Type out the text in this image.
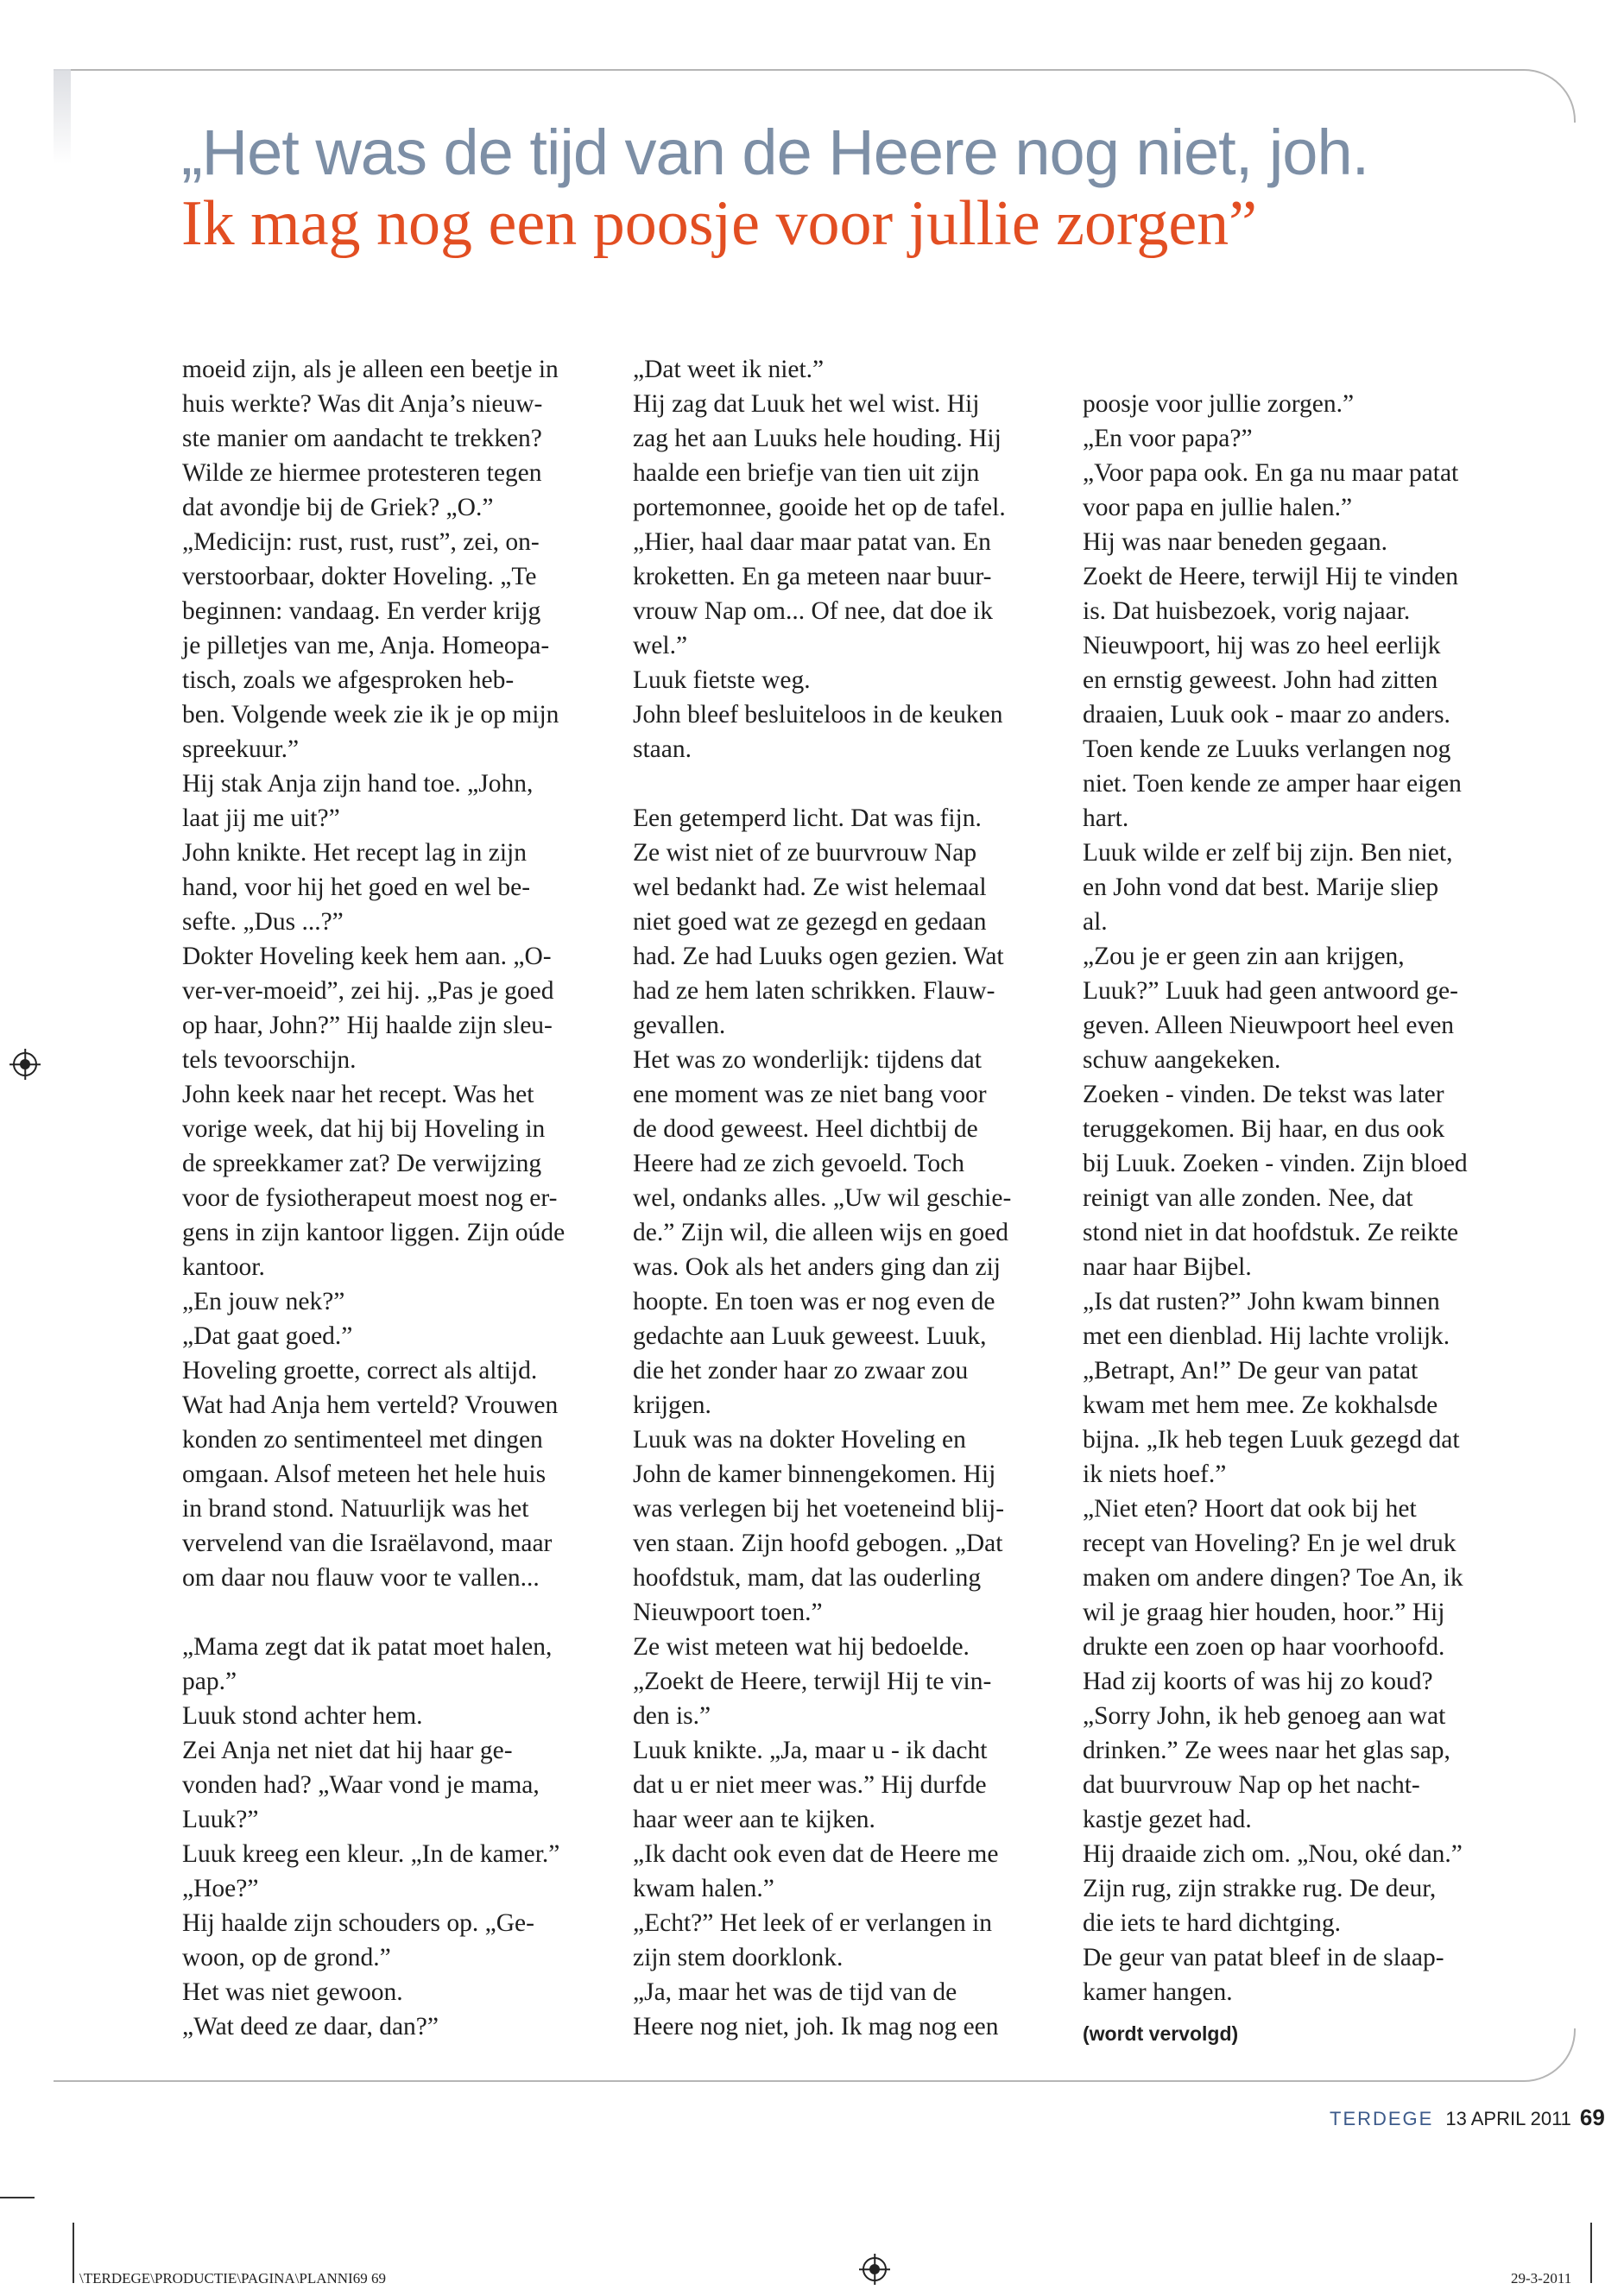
„Het was de tijd van de Heere nog niet, joh.
Ik mag nog een poosje voor jullie zorgen”

moeid zijn, als je alleen een beetje in

huis werkte? Was dit Anja’s nieuw-

ste manier om aandacht te trekken?

Wilde ze hiermee protesteren tegen

dat avondje bij de Griek? „O.”

„Medicijn: rust, rust, rust”, zei, on-

verstoorbaar, dokter Hoveling. „Te

beginnen: vandaag. En verder krijg

je pilletjes van me, Anja. Homeopa-

tisch, zoals we afgesproken heb-

ben. Volgende week zie ik je op mijn

spreekuur.”

Hij stak Anja zijn hand toe. „John,

laat jij me uit?”

John knikte. Het recept lag in zijn

hand, voor hij het goed en wel be-

sefte. „Dus ...?”

Dokter Hoveling keek hem aan. „O-

ver-ver-moeid”, zei hij. „Pas je goed

op haar, John?” Hij haalde zijn sleu-

tels tevoorschijn.

John keek naar het recept. Was het

vorige week, dat hij bij Hoveling in

de spreekkamer zat? De verwijzing

voor de fysiotherapeut moest nog er-

gens in zijn kantoor liggen. Zijn oúde

kantoor.

„En jouw nek?”

„Dat gaat goed.”

Hoveling groette, correct als altijd.

Wat had Anja hem verteld? Vrouwen

konden zo sentimenteel met dingen

omgaan. Alsof meteen het hele huis

in brand stond. Natuurlijk was het

vervelend van die Israëlavond, maar

om daar nou flauw voor te vallen...

„Mama zegt dat ik patat moet halen,

pap.”

Luuk stond achter hem.

Zei Anja net niet dat hij haar ge-

vonden had? „Waar vond je mama,

Luuk?”

Luuk kreeg een kleur. „In de kamer.”

„Hoe?”

Hij haalde zijn schouders op. „Ge-

woon, op de grond.”

Het was niet gewoon.

„Wat deed ze daar, dan?”

„Dat weet ik niet.”

Hij zag dat Luuk het wel wist. Hij

zag het aan Luuks hele houding. Hij

haalde een briefje van tien uit zijn

portemonnee, gooide het op de tafel.

„Hier, haal daar maar patat van. En

kroketten. En ga meteen naar buur-

vrouw Nap om... Of nee, dat doe ik

wel.”

Luuk fietste weg.

John bleef besluiteloos in de keuken

staan.

Een getemperd licht. Dat was fijn.

Ze wist niet of ze buurvrouw Nap

wel bedankt had. Ze wist helemaal

niet goed wat ze gezegd en gedaan

had. Ze had Luuks ogen gezien. Wat

had ze hem laten schrikken. Flauw-

gevallen.

Het was zo wonderlijk: tijdens dat

ene moment was ze niet bang voor

de dood geweest. Heel dichtbij de

Heere had ze zich gevoeld. Toch

wel, ondanks alles. „Uw wil geschie-

de.” Zijn wil, die alleen wijs en goed

was. Ook als het anders ging dan zij

hoopte. En toen was er nog even de

gedachte aan Luuk geweest. Luuk,

die het zonder haar zo zwaar zou

krijgen.

Luuk was na dokter Hoveling en

John de kamer binnengekomen. Hij

was verlegen bij het voeteneind blij-

ven staan. Zijn hoofd gebogen. „Dat

hoofdstuk, mam, dat las ouderling

Nieuwpoort toen.”

Ze wist meteen wat hij bedoelde.

„Zoekt de Heere, terwijl Hij te vin-

den is.”

Luuk knikte. „Ja, maar u - ik dacht

dat u er niet meer was.” Hij durfde

haar weer aan te kijken.

„Ik dacht ook even dat de Heere me

kwam halen.”

„Echt?” Het leek of er verlangen in

zijn stem doorklonk.

„Ja, maar het was de tijd van de

Heere nog niet, joh. Ik mag nog een

poosje voor jullie zorgen.”

„En voor papa?”

„Voor papa ook. En ga nu maar patat

voor papa en jullie halen.”

Hij was naar beneden gegaan.

Zoekt de Heere, terwijl Hij te vinden

is. Dat huisbezoek, vorig najaar.

Nieuwpoort, hij was zo heel eerlijk

en ernstig geweest. John had zitten

draaien, Luuk ook - maar zo anders.

Toen kende ze Luuks verlangen nog

niet. Toen kende ze amper haar eigen

hart.

Luuk wilde er zelf bij zijn. Ben niet,

en John vond dat best. Marije sliep

al.

„Zou je er geen zin aan krijgen,

Luuk?” Luuk had geen antwoord ge-

geven. Alleen Nieuwpoort heel even

schuw aangekeken.

Zoeken - vinden. De tekst was later

teruggekomen. Bij haar, en dus ook

bij Luuk. Zoeken - vinden. Zijn bloed

reinigt van alle zonden. Nee, dat

stond niet in dat hoofdstuk. Ze reikte

naar haar Bijbel.

„Is dat rusten?” John kwam binnen

met een dienblad. Hij lachte vrolijk.

„Betrapt, An!” De geur van patat

kwam met hem mee. Ze kokhalsde

bijna. „Ik heb tegen Luuk gezegd dat

ik niets hoef.”

„Niet eten? Hoort dat ook bij het

recept van Hoveling? En je wel druk

maken om andere dingen? Toe An, ik

wil je graag hier houden, hoor.” Hij

drukte een zoen op haar voorhoofd.

Had zij koorts of was hij zo koud?

„Sorry John, ik heb genoeg aan wat

drinken.” Ze wees naar het glas sap,

dat buurvrouw Nap op het nacht-

kastje gezet had.

Hij draaide zich om. „Nou, oké dan.”

Zijn rug, zijn strakke rug. De deur,

die iets te hard dichtging.

De geur van patat bleef in de slaap-

kamer hangen.

(wordt vervolgd)

TERDEGE 13 APRIL 2011 69
\TERDEGE\PRODUCTIE\PAGINA\PLANNI69 69	29-3-2011
